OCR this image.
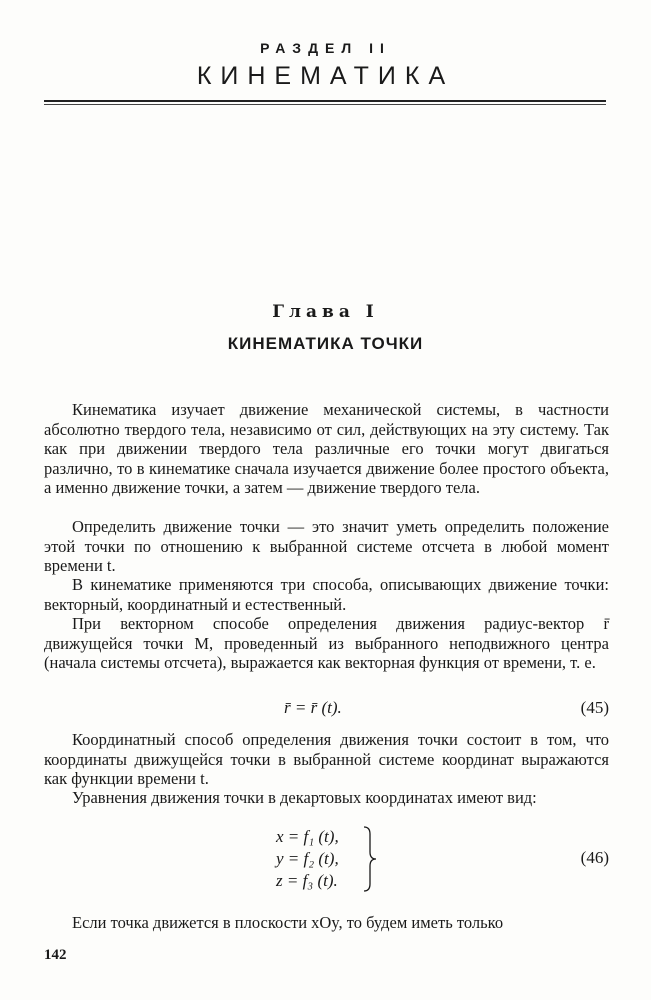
РАЗДЕЛ II
КИНЕМАТИКА
Глава I
КИНЕМАТИКА ТОЧКИ

Кинематика изучает движение механической системы, в частности абсолютно твердого тела, независимо от сил, действующих на эту систему. Так как при движении твердого тела различные его точки могут двигаться различно, то в кинематике сначала изучается движение более простого объекта, а именно движение точки, а затем — движение твердого тела.

Определить движение точки — это значит уметь определить положение этой точки по отношению к выбранной системе отсчета в любой момент времени t.

В кинематике применяются три способа, описывающих движение точки: векторный, координатный и естественный.

При векторном способе определения движения радиус-вектор r̄ движущейся точки M, проведенный из выбранного неподвижного центра (начала системы отсчета), выражается как векторная функция от времени, т. е.

r̄ = r̄ (t).	(45)

Координатный способ определения движения точки состоит в том, что координаты движущейся точки в выбранной системе координат выражаются как функции времени t.

Уравнения движения точки в декартовых координатах имеют вид:

x = f₁ (t),
y = f₂ (t),
z = f₃ (t).
(46)

Если точка движется в плоскости xOy, то будем иметь только

142
